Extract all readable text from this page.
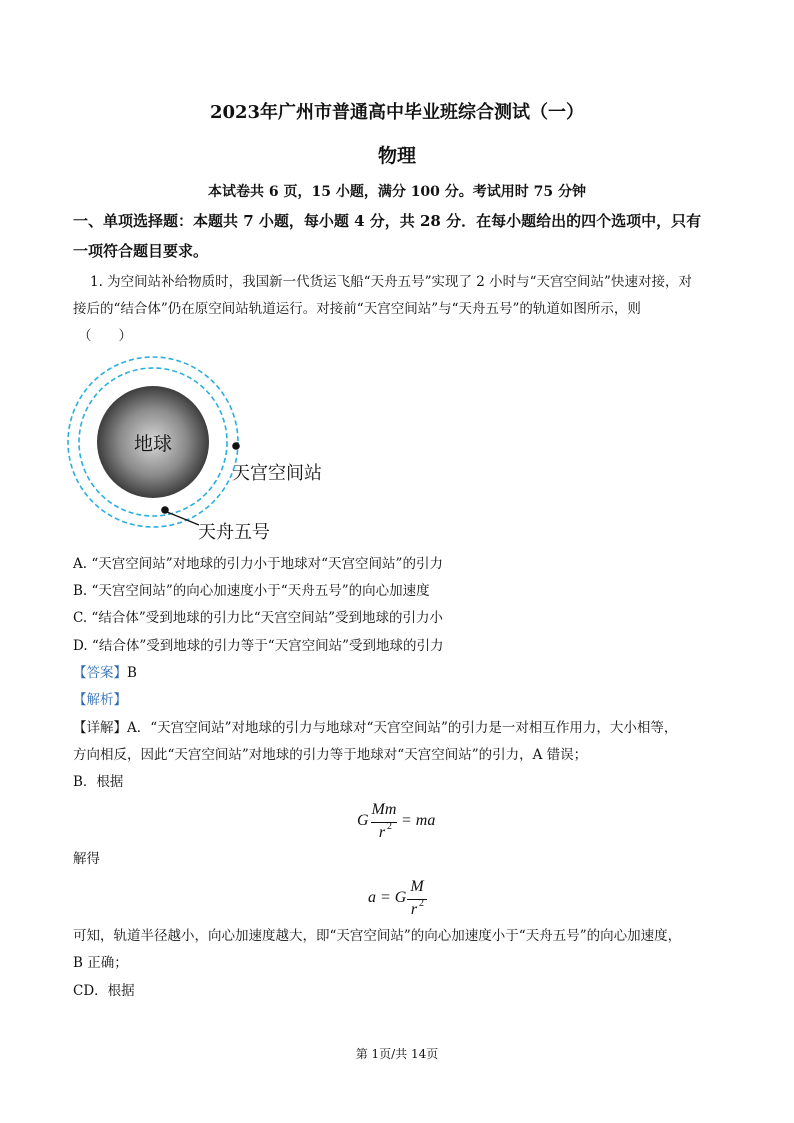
2023年广州市普通高中毕业班综合测试（一）
物理
本试卷共 6 页，15 小题，满分 100 分。考试用时 75 分钟
一、单项选择题：本题共 7 小题，每小题 4 分，共 28 分．在每小题给出的四个选项中，只有
一项符合题目要求。
1. 为空间站补给物质时，我国新一代货运飞船“天舟五号”实现了 2 小时与“天宫空间站”快速对接，对
接后的“结合体”仍在原空间站轨道运行。对接前“天宫空间站”与“天舟五号”的轨道如图所示，则
（　　）
地球
天宫空间站
天舟五号
A. “天宫空间站”对地球的引力小于地球对“天宫空间站”的引力
B. “天宫空间站”的向心加速度小于“天舟五号”的向心加速度
C. “结合体”受到地球的引力比“天宫空间站”受到地球的引力小
D. “结合体”受到地球的引力等于“天宫空间站”受到地球的引力
【答案】B
【解析】
【详解】A．“天宫空间站”对地球的引力与地球对“天宫空间站”的引力是一对相互作用力，大小相等，
方向相反，因此“天宫空间站”对地球的引力等于地球对“天宫空间站”的引力，A 错误；
B．根据
G
Mm
r 2 = ma
解得
a = G
M
r 2
可知，轨道半径越小，向心加速度越大，即“天宫空间站”的向心加速度小于“天舟五号”的向心加速度，
B 正确；
CD．根据
第 1页/共 14页
